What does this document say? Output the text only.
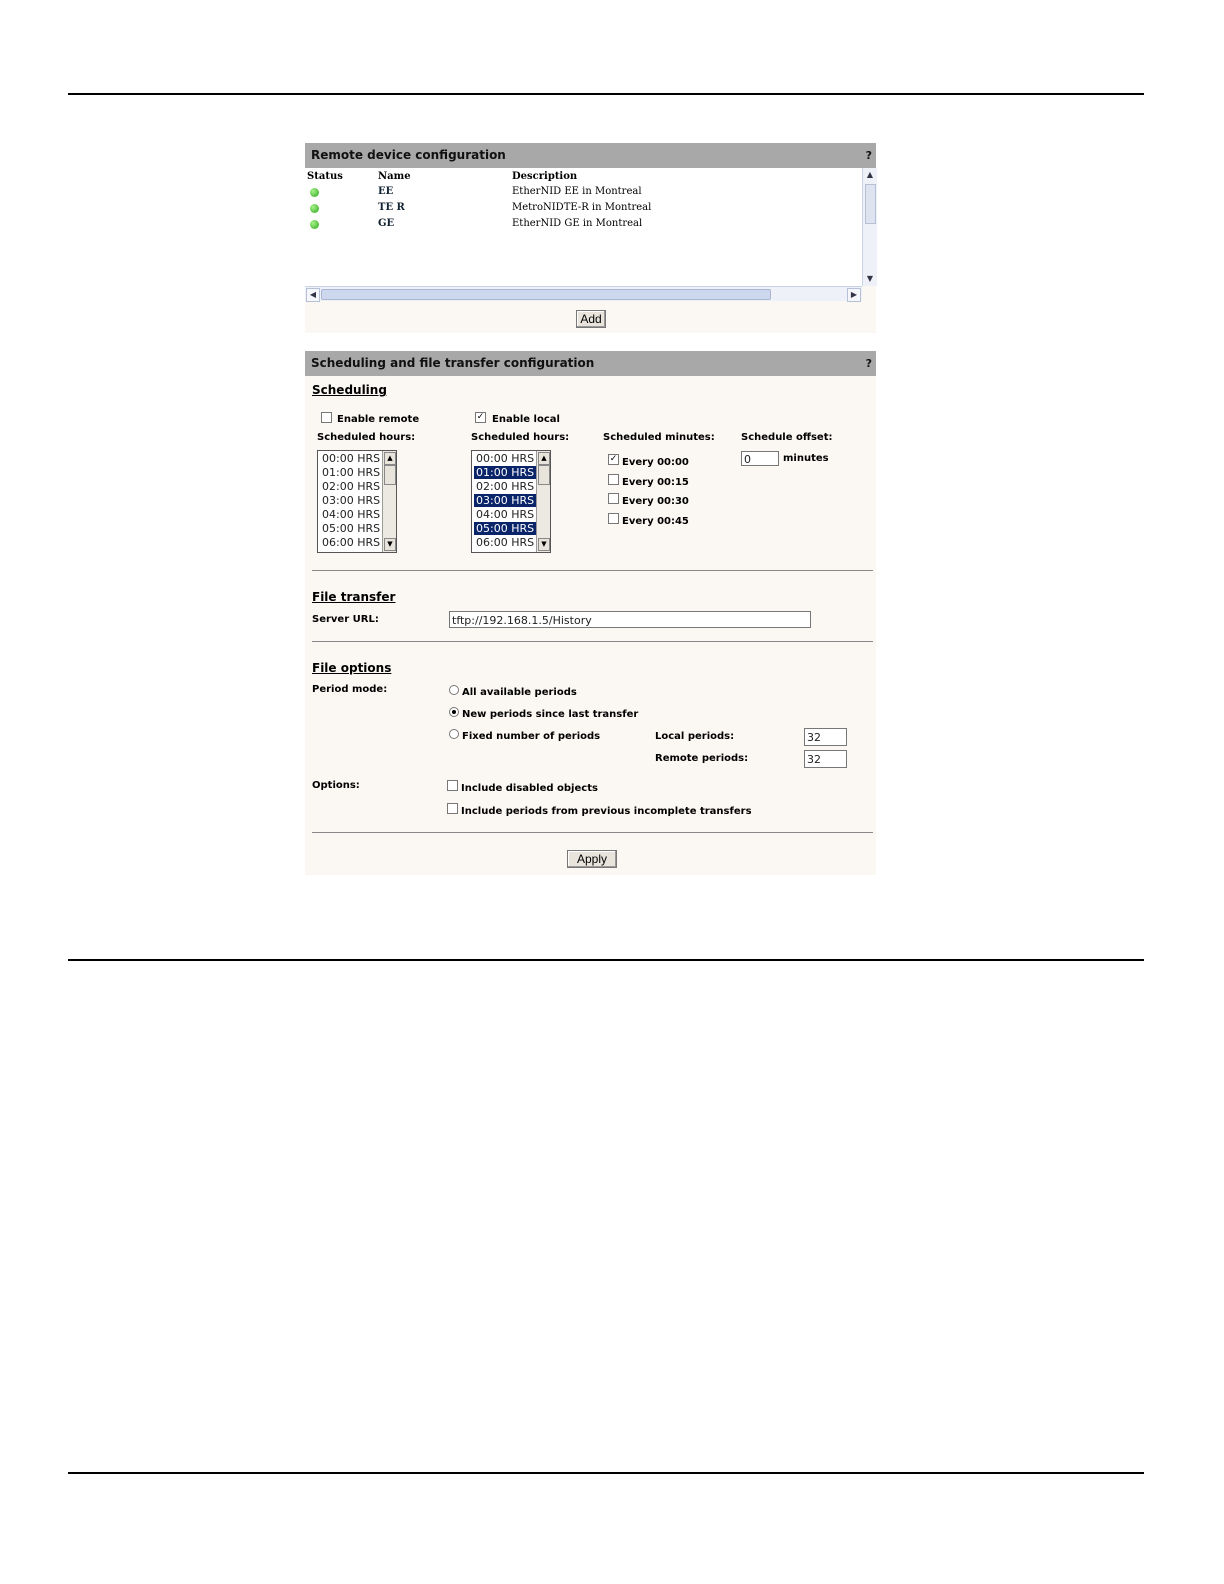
Remote device configuration	?
Status	Name	Description
EE	EtherNID EE in Montreal
TE R	MetroNIDTE-R in Montreal
GE	EtherNID GE in Montreal
▲
▼
◀	▶
Add
Scheduling and file transfer configuration	?
Scheduling
Enable remote	✓ Enable local
Scheduled hours:	Scheduled hours:	Scheduled minutes:	Schedule offset:
00:00 HRS
01:00 HRS
02:00 HRS
03:00 HRS
04:00 HRS
05:00 HRS
06:00 HRS
▲
▼
00:00 HRS
01:00 HRS
02:00 HRS
03:00 HRS
04:00 HRS
05:00 HRS
06:00 HRS
▲
▼
✓ Every 00:00
Every 00:15
Every 00:30
Every 00:45
0	minutes
File transfer
Server URL:	tftp://192.168.1.5/History
File options
Period mode:	All available periods
New periods since last transfer
Fixed number of periods	Local periods:	32
Remote periods:	32
Options:	Include disabled objects
Include periods from previous incomplete transfers
Apply
